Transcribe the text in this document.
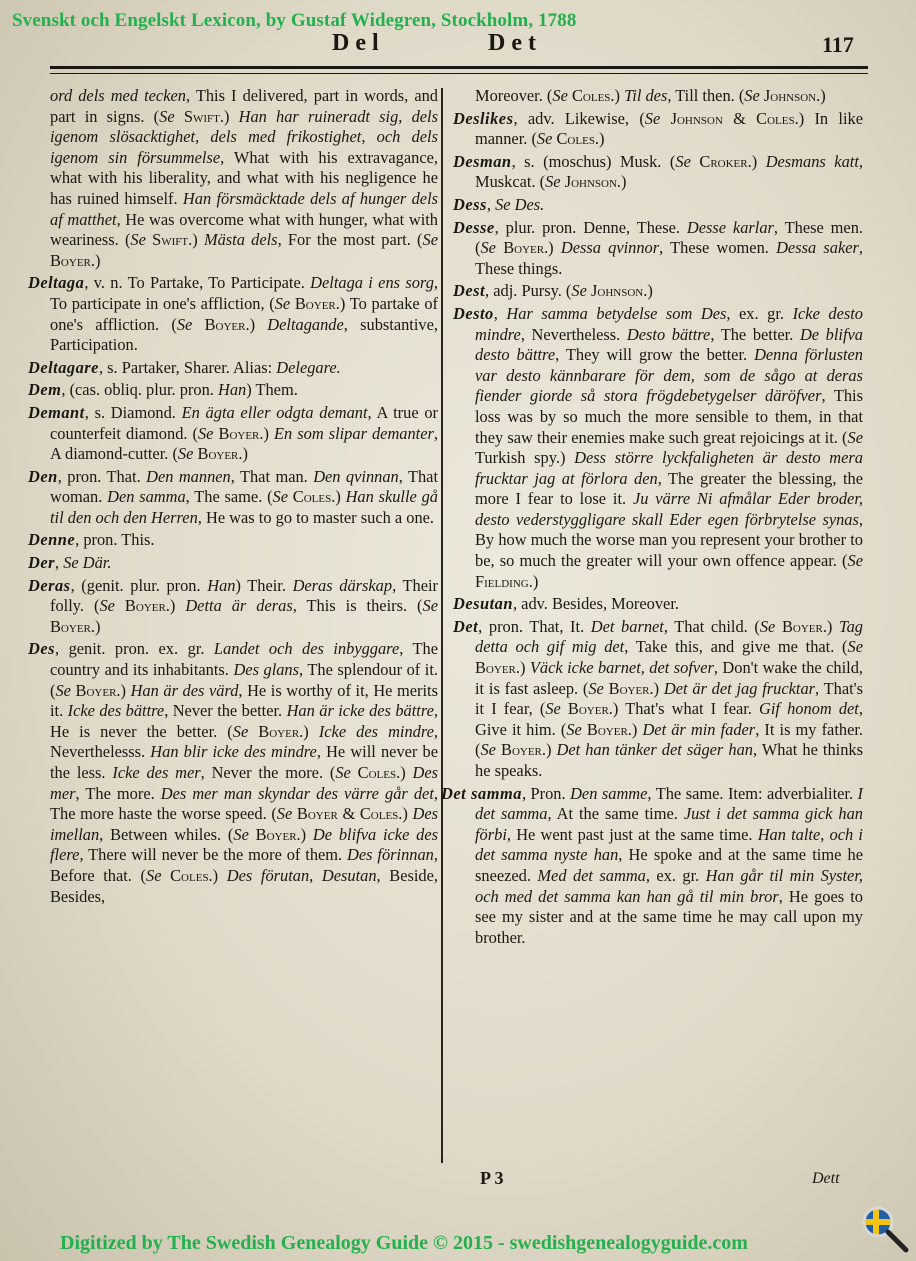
Svenskt och Engelskt Lexicon, by Gustaf Widegren, Stockholm, 1788
Del	Det	117

ord dels med tecken, This I delivered, part in words, and part in signs. (Se Swift.) Han har ruineradt sig, dels igenom slösacktighet, dels med frikostighet, och dels igenom sin försummelse, What with his extravagance, what with his liberality, and what with his negligence he has ruined himself. Han försmäcktade dels af hunger dels af matthet, He was overcome what with hunger, what with weariness. (Se Swift.) Mästa dels, For the most part. (Se Boyer.)

Deltaga, v. n. To Partake, To Participate. Deltaga i ens sorg, To participate in one's affliction, (Se Boyer.) To partake of one's affliction. (Se Boyer.) Deltagande, substantive, Participation.

Deltagare, s. Partaker, Sharer. Alias: Delegare.

Dem, (cas. obliq. plur. pron. Han) Them.

Demant, s. Diamond. En ägta eller odgta demant, A true or counterfeit diamond. (Se Boyer.) En som slipar demanter, A diamond-cutter. (Se Boyer.)

Den, pron. That. Den mannen, That man. Den qvinnan, That woman. Den samma, The same. (Se Coles.) Han skulle gå til den och den Herren, He was to go to master such a one.

Denne, pron. This.

Der, Se Där.

Deras, (genit. plur. pron. Han) Their. Deras därskap, Their folly. (Se Boyer.) Detta är deras, This is theirs. (Se Boyer.)

Des, genit. pron. ex. gr. Landet och des inbyggare, The country and its inhabitants. Des glans, The splendour of it. (Se Boyer.) Han är des värd, He is worthy of it, He merits it. Icke des bättre, Never the better. Han är icke des bättre, He is never the better. (Se Boyer.) Icke des mindre, Neverthelesss. Han blir icke des mindre, He will never be the less. Icke des mer, Never the more. (Se Coles.) Des mer, The more. Des mer man skyndar des värre går det, The more haste the worse speed. (Se Boyer & Coles.) Des imellan, Between whiles. (Se Boyer.) De blifva icke des flere, There will never be the more of them. Des förinnan, Before that. (Se Coles.) Des förutan, Desutan, Beside, Besides,

Moreover. (Se Coles.) Til des, Till then. (Se Johnson.)

Deslikes, adv. Likewise, (Se Johnson & Coles.) In like manner. (Se Coles.)

Desman, s. (moschus) Musk. (Se Croker.) Desmans katt, Muskcat. (Se Johnson.)

Dess, Se Des.

Desse, plur. pron. Denne, These. Desse karlar, These men. (Se Boyer.) Dessa qvinnor, These women. Dessa saker, These things.

Dest, adj. Pursy. (Se Johnson.)

Desto, Har samma betydelse som Des, ex. gr. Icke desto mindre, Nevertheless. Desto bättre, The better. De blifva desto bättre, They will grow the better. Denna förlusten var desto kännbarare för dem, som de sågo at deras fiender giorde så stora frögdebetygelser däröfver, This loss was by so much the more sensible to them, in that they saw their enemies make such great rejoicings at it. (Se Turkish spy.) Dess större lyckfaligheten är desto mera frucktar jag at förlora den, The greater the blessing, the more I fear to lose it. Ju värre Ni afmålar Eder broder, desto vederstyggligare skall Eder egen förbrytelse synas, By how much the worse man you represent your brother to be, so much the greater will your own offence appear. (Se Fielding.)

Desutan, adv. Besides, Moreover.

Det, pron. That, It. Det barnet, That child. (Se Boyer.) Tag detta och gif mig det, Take this, and give me that. (Se Boyer.) Väck icke barnet, det sofver, Don't wake the child, it is fast asleep. (Se Boyer.) Det är det jag frucktar, That's it I fear, (Se Boyer.) That's what I fear. Gif honom det, Give it him. (Se Boyer.) Det är min fader, It is my father. (Se Boyer.) Det han tänker det säger han, What he thinks he speaks.

Det samma, Pron. Den samme, The same. Item: adverbialiter. I det samma, At the same time. Just i det samma gick han förbi, He went past just at the same time. Han talte, och i det samma nyste han, He spoke and at the same time he sneezed. Med det samma, ex. gr. Han går til min Syster, och med det samma kan han gå til min bror, He goes to see my sister and at the same time he may call upon my brother.

P 3	Dett
Digitized by The Swedish Genealogy Guide © 2015 - swedishgenealogyguide.com
